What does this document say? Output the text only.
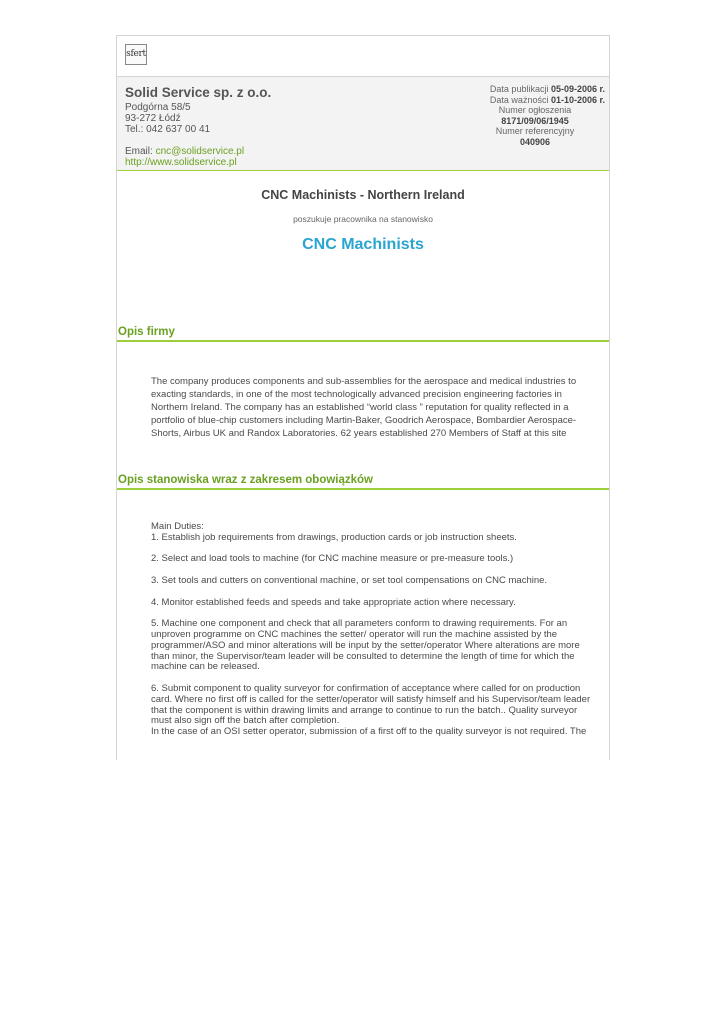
sfert
Solid Service sp. z o.o.
Podgórna 58/5
93-272 Łódź
Tel.: 042 637 00 41
Email: cnc@solidservice.pl
http://www.solidservice.pl
Data publikacji 05-09-2006 r.
Data ważności 01-10-2006 r.
Numer ogłoszenia
8171/09/06/1945
Numer referencyjny
040906
CNC Machinists - Northern Ireland
poszukuje pracownika na stanowisko
CNC Machinists
Opis firmy
The company produces components and sub-assemblies for the aerospace and medical industries to exacting standards, in one of the most technologically advanced precision engineering factories in Northern Ireland. The company has an established “world class ” reputation for quality reflected in a portfolio of blue-chip customers including Martin-Baker, Goodrich Aerospace, Bombardier Aerospace-Shorts, Airbus UK and Randox Laboratories. 62 years established 270 Members of Staff at this site
Opis stanowiska wraz z zakresem obowiązków

Main Duties:

1. Establish job requirements from drawings, production cards or job instruction sheets.

2. Select and load tools to machine (for CNC machine measure or pre-measure tools.)

3. Set tools and cutters on conventional machine, or set tool compensations on CNC machine.

4. Monitor established feeds and speeds and take appropriate action where necessary.

5. Machine one component and check that all parameters conform to drawing requirements. For an unproven programme on CNC machines the setter/ operator will run the machine assisted by the programmer/ASO and minor alterations will be input by the setter/operator Where alterations are more than minor, the Supervisor/team leader will be consulted to determine the length of time for which the machine can be released.

6. Submit component to quality surveyor for confirmation of acceptance where called for on production card. Where no first off is called for the setter/operator will satisfy himself and his Supervisor/team leader that the component is within drawing limits and arrange to continue to run the batch.. Quality surveyor must also sign off the batch after completion.

In the case of an OSI setter operator, submission of a first off to the quality surveyor is not required. The
